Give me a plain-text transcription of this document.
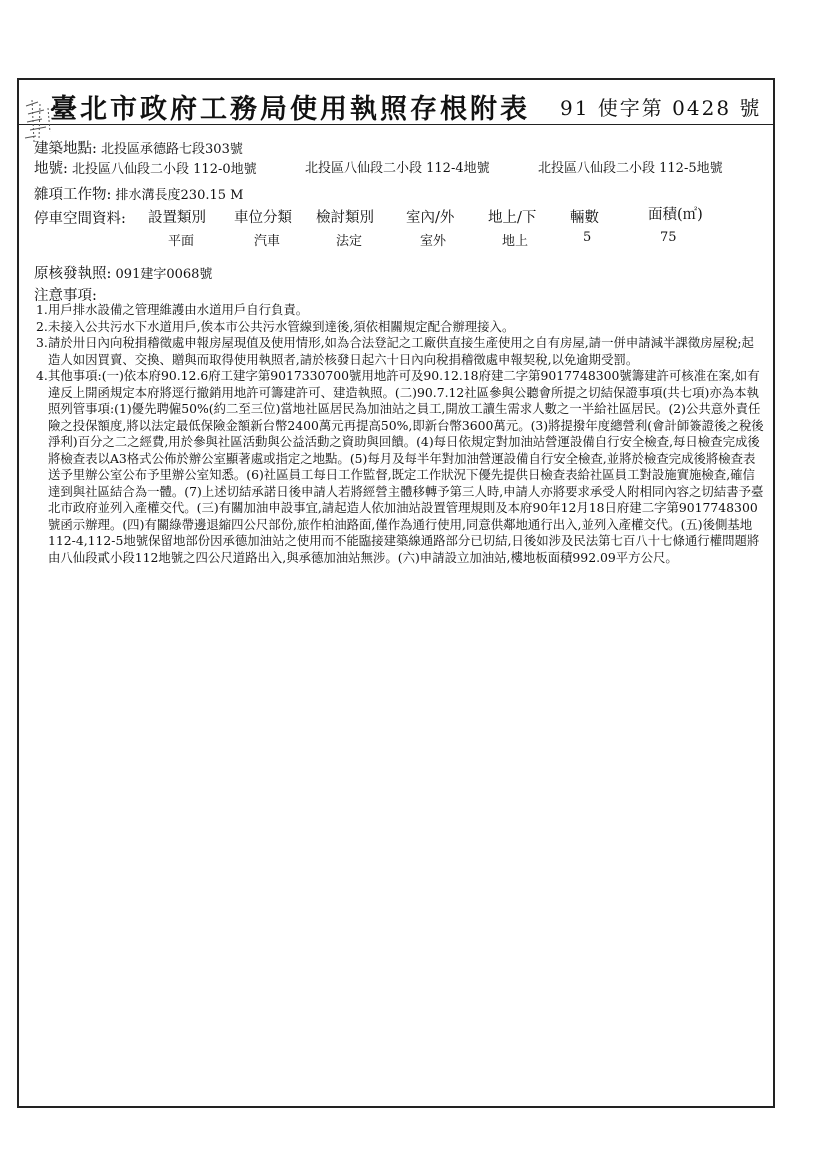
臺北市政府工務局使用執照存根附表 91 使字第 0428 號
建築地點: 北投區承德路七段303號
地號: 北投區八仙段二小段 112-0地號	北投區八仙段二小段 112-4地號	北投區八仙段二小段 112-5地號
雜項工作物: 排水溝長度230.15 M
停車空間資料: 設置類別 車位分類 檢討類別 室內/外 地上/下 輛數	面積(㎡)
平面	汽車	法定	室外	地上	5	75
原核發執照: 091建字0068號
注意事項:
1. 用戶排水設備之管理維護由水道用戶自行負責。
2. 未接入公共污水下水道用戶,俟本市公共污水管線到達後,須依相關規定配合辦理接入。
3. 請於卅日內向稅捐稽徵處申報房屋現值及使用情形,如為合法登記之工廠供直接生產使用之自有房屋,請一併申請減半課徵房屋稅;起造人如因買賣、交換、贈與而取得使用執照者,請於核發日起六十日內向稅捐稽徵處申報契稅,以免逾期受罰。
4. 其他事項:(一)依本府90.12.6府工建字第9017330700號用地許可及90.12.18府建二字第9017748300號籌建許可核准在案,如有違反上開函規定本府將逕行撤銷用地許可籌建許可、建造執照。(二)90.7.12社區參與公聽會所提之切結保證事項(共七項)亦為本執照列管事項:(1)優先聘僱50%(約二至三位)當地社區居民為加油站之員工,開放工讀生需求人數之一半給社區居民。(2)公共意外責任險之投保額度,將以法定最低保險金額新台幣2400萬元再提高50%,即新台幣3600萬元。(3)將提撥年度總營利(會計師簽證後之稅後淨利)百分之二之經費,用於參與社區活動與公益活動之資助與回饋。(4)每日依規定對加油站營運設備自行安全檢查,每日檢查完成後將檢查表以A3格式公佈於辦公室顯著處或指定之地點。(5)每月及每半年對加油營運設備自行安全檢查,並將於檢查完成後將檢查表送予里辦公室公布予里辦公室知悉。(6)社區員工每日工作監督,既定工作狀況下優先提供日檢查表給社區員工對設施實施檢查,確信達到與社區結合為一體。(7)上述切結承諾日後申請人若將經營主體移轉予第三人時,申請人亦將要求承受人附相同內容之切結書予臺北市政府並列入產權交代。(三)有關加油申設事宜,請起造人依加油站設置管理規則及本府90年12月18日府建二字第9017748300號函示辦理。(四)有關綠帶邊退縮四公尺部份,旅作柏油路面,僅作為通行使用,同意供鄰地通行出入,並列入產權交代。(五)後側基地112-4,112-5地號保留地部份因承德加油站之使用而不能臨接建築線通路部分已切結,日後如涉及民法第七百八十七條通行權問題將由八仙段貳小段112地號之四公尺道路出入,與承德加油站無涉。(六)申請設立加油站,樓地板面積992.09平方公尺。
